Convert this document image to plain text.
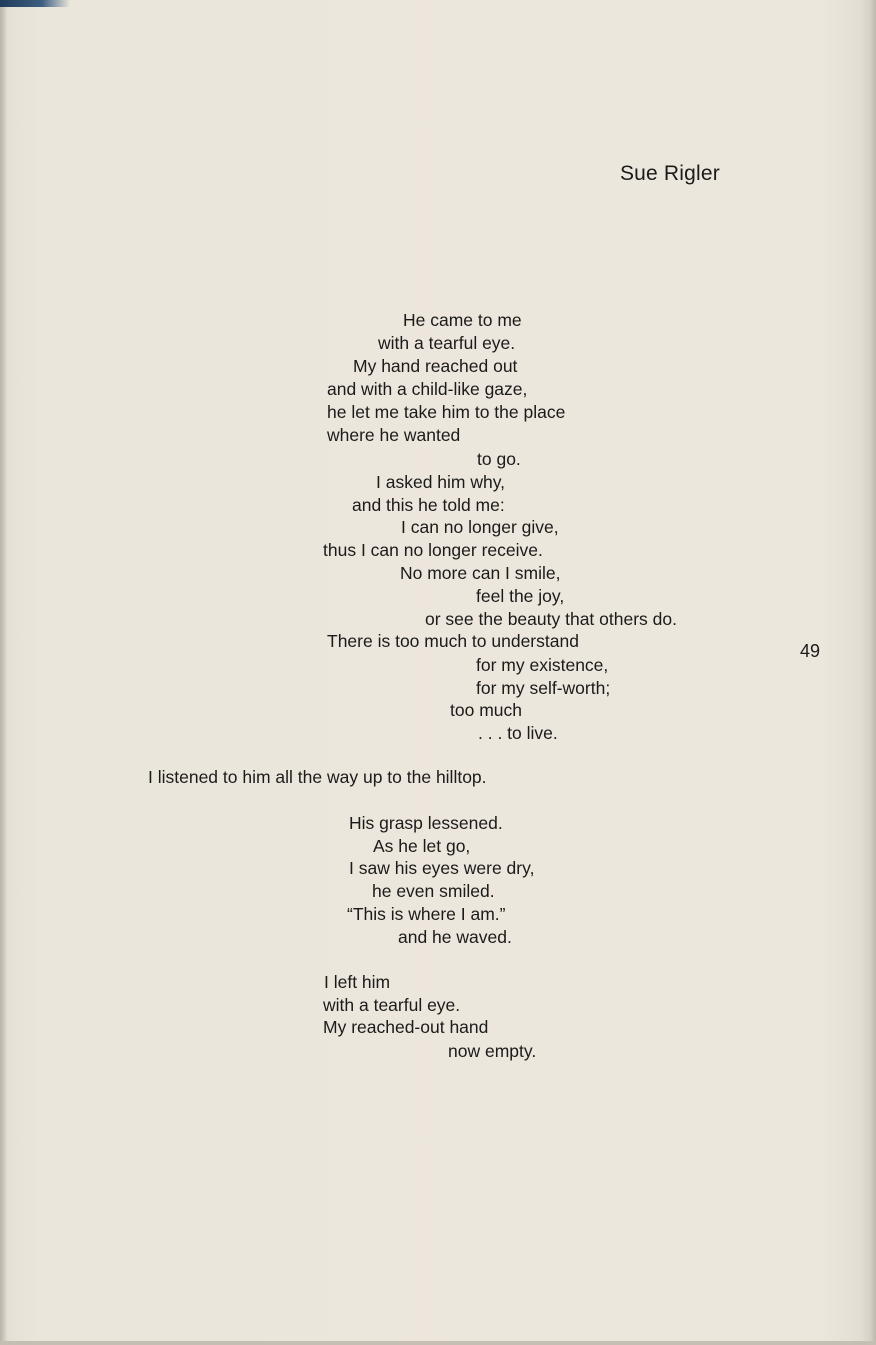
Sue Rigler
49
He came to me
with a tearful eye.
My hand reached out
and with a child-like gaze,
he let me take him to the place
where he wanted
to go.
I asked him why,
and this he told me:
I can no longer give,
thus I can no longer receive.
No more can I smile,
feel the joy,
or see the beauty that others do.
There is too much to understand
for my existence,
for my self-worth;
too much
. . . to live.
I listened to him all the way up to the hilltop.
His grasp lessened.
As he let go,
I saw his eyes were dry,
he even smiled.
“This is where I am.”
and he waved.
I left him
with a tearful eye.
My reached-out hand
now empty.
